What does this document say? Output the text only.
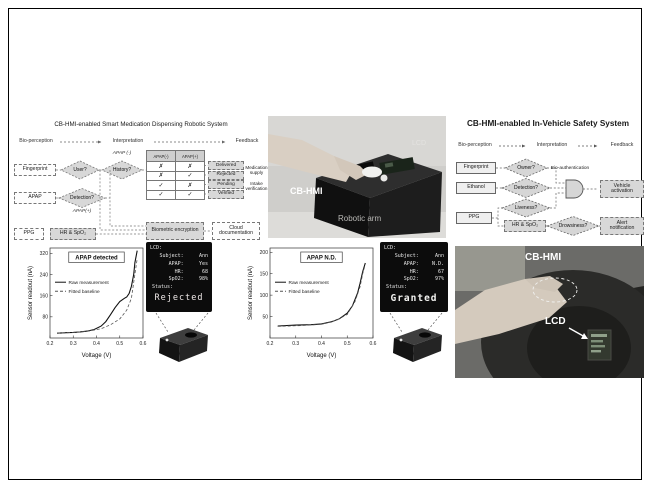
CB-HMI-enabled Smart Medication Dispensing Robotic System
Bio-perception	Interpretation	Feedback
Fingerprint	User?	History?
APAP (-)
APAP	Detection?
APAP(+)
PPG	HR & SpO₂
APAP(-)	APAP(+)
✗	✗
✗	✓
✓	✗
✓	✓
Delivered
Rejected
Pending
Verified
Medication supply
Intake verification
Biometric encryption	Cloud documentation
CB-HMI
Robotic arm
LCD
CB-HMI-enabled In-Vehicle Safety System
Bio-perception	Interpretation	Feedback
Fingerprint	Owner?
Ethanol	Detection?
Liveness?
PPG
HR & SpO₂	Drowsiness?
Bio-authentication
Vehicle activation
Alert notification
0.2	0.3	0.4	0.5	0.6
80
160
240
320
APAP detected
Raw measurement
Fitted baseline
Voltage (V)
Sensor readout (nA)
LCD:
Subject:	Ann
APAP:	Yes
HR:	68
SpO2:	98%
Status:
Rejected
0.2	0.3	0.4	0.5	0.6
50
100
150
200
APAP N.D.
Raw measurement
Fitted baseline
Voltage (V)
Sensor readout (nA)
LCD:
Subject:	Ann
APAP:	N.D.
HR:	67
SpO2:	97%
Status:
Granted
CB-HMI
LCD
